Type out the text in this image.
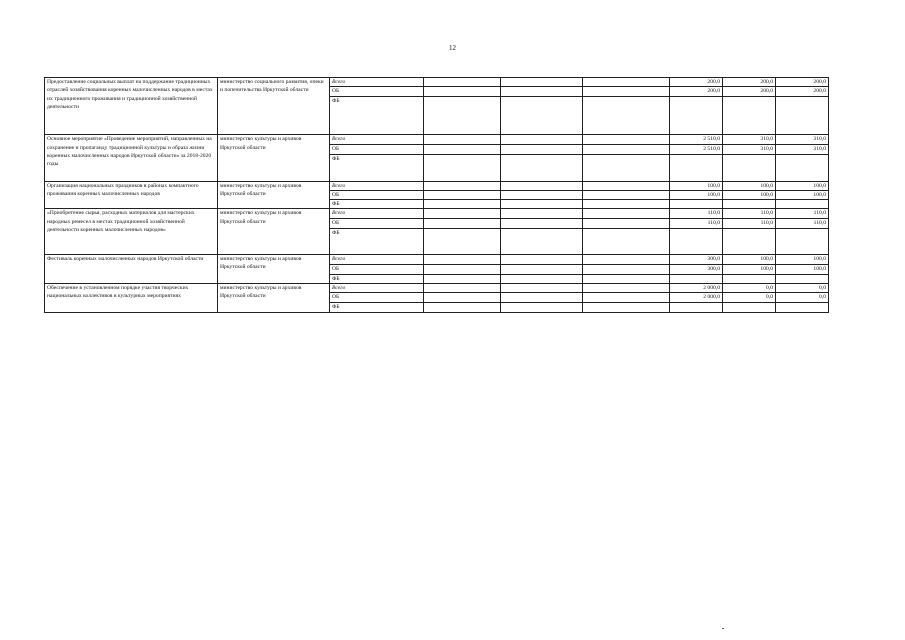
12
Предоставление социальных выплат на поддержание традиционных отраслей хозяйствования коренных малочисленных народов в местах их традиционного проживания и традиционной хозяйственной деятельности	министерство социального развития, опеки и попечительства Иркутской области	Всего				200,0	200,0	200,0
		ОБ				200,0	200,0	200,0
		ФБ						
Основное мероприятие «Проведение мероприятий, направленных на сохранение и пропаганду традиционной культуры и образа жизни коренных малочисленных народов Иркутской области» за 2018-2020 годы	министерство культуры и архивов Иркутской области	Всего				2 510,0	310,0	310,0
		ОБ				2 510,0	310,0	310,0
		ФБ						
Организация национальных праздников в районах компактного проживания коренных малочисленных народов	министерство культуры и архивов Иркутской области	Всего				100,0	100,0	100,0
		ОБ				100,0	100,0	100,0
		ФБ						
«Приобретение сырья, расходных материалов для мастерских народных ремесел в местах традиционной хозяйственной деятельности коренных малочисленных народов»	министерство культуры и архивов Иркутской области	Всего				110,0	110,0	110,0
		ОБ				110,0	110,0	110,0
		ФБ						
Фестиваль коренных малочисленных народов Иркутской области	министерство культуры и архивов Иркутской области	Всего				300,0	100,0	100,0
		ОБ				300,0	100,0	100,0
		ФБ						
Обеспечение в установленном порядке участия творческих национальных коллективов в культурных мероприятиях	министерство культуры и архивов Иркутской области	Всего				2 000,0	0,0	0,0
		ОБ				2 000,0	0,0	0,0
		ФБ						
